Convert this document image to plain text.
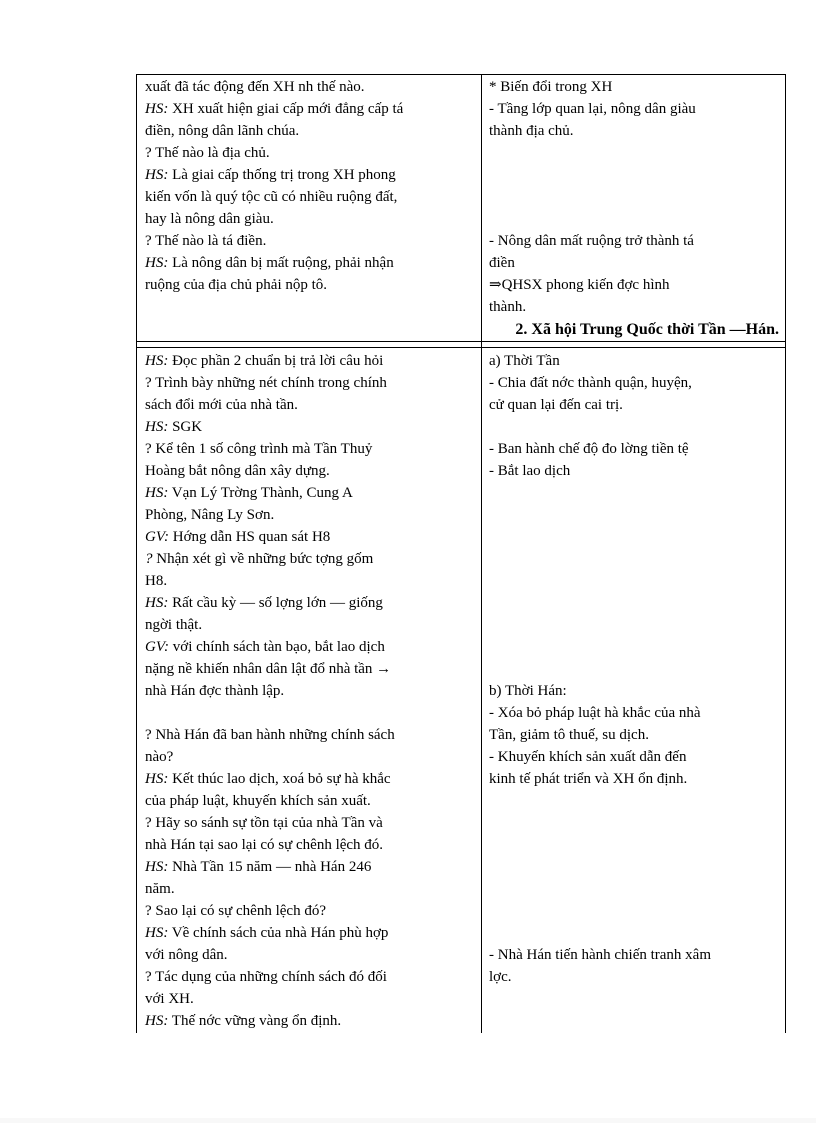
xuất đã tác động đến XH nh thế nào.
HS: XH xuất hiện giai cấp mới đẳng cấp tá
điền, nông dân lãnh chúa.
? Thế nào là địa chủ.
HS: Là giai cấp thống trị trong XH phong
kiến vốn là quý tộc cũ có nhiều ruộng đất,
hay là nông dân giàu.
? Thế nào là tá điền.
HS: Là nông dân bị mất ruộng, phải nhận
ruộng của địa chủ phải nộp tô.
* Biến đổi trong XH
- Tầng lớp quan lại, nông dân giàu
thành địa chủ.

- Nông dân mất ruộng trở thành tá
điền
⇒QHSX phong kiến đợc hình
thành.
2. Xã hội Trung Quốc thời Tần —Hán.
HS: Đọc phần 2 chuẩn bị trả lời câu hỏi
? Trình bày những nét chính trong chính
sách đổi mới của nhà tần.
HS: SGK
? Kể tên 1 số công trình mà Tần Thuỷ
Hoàng bắt nông dân xây dựng.
HS: Vạn Lý Trờng Thành, Cung A
Phòng, Nâng Ly Sơn.
GV: Hớng dẫn HS quan sát H8
? Nhận xét gì về những bức tợng gốm
H8.
HS: Rất cầu kỳ — số lợng lớn — giống
ngời thật.
GV: với chính sách tàn bạo, bắt lao dịch
nặng nề khiến nhân dân lật đổ nhà tần →
nhà Hán đợc thành lập.

? Nhà Hán đã ban hành những chính sách
nào?
HS: Kết thúc lao dịch, xoá bỏ sự hà khắc
của pháp luật, khuyến khích sản xuất.
? Hãy so sánh sự tồn tại của nhà Tần và
nhà Hán tại sao lại có sự chênh lệch đó.
HS: Nhà Tần 15 năm — nhà Hán 246
năm.
? Sao lại có sự chênh lệch đó?
HS: Về chính sách của nhà Hán phù hợp
với nông dân.
? Tác dụng của những chính sách đó đối
với XH.
HS: Thế nớc vững vàng ổn định.
a) Thời Tần
- Chia đất nớc thành quận, huyện,
cử quan lại đến cai trị.

- Ban hành chế độ đo lờng tiền tệ
- Bắt lao dịch

b) Thời Hán:
- Xóa bỏ pháp luật hà khắc của nhà
Tần, giảm tô thuế, su dịch.
- Khuyến khích sản xuất dẫn đến
kinh tế phát triển và XH ổn định.

- Nhà Hán tiến hành chiến tranh xâm
lợc.
